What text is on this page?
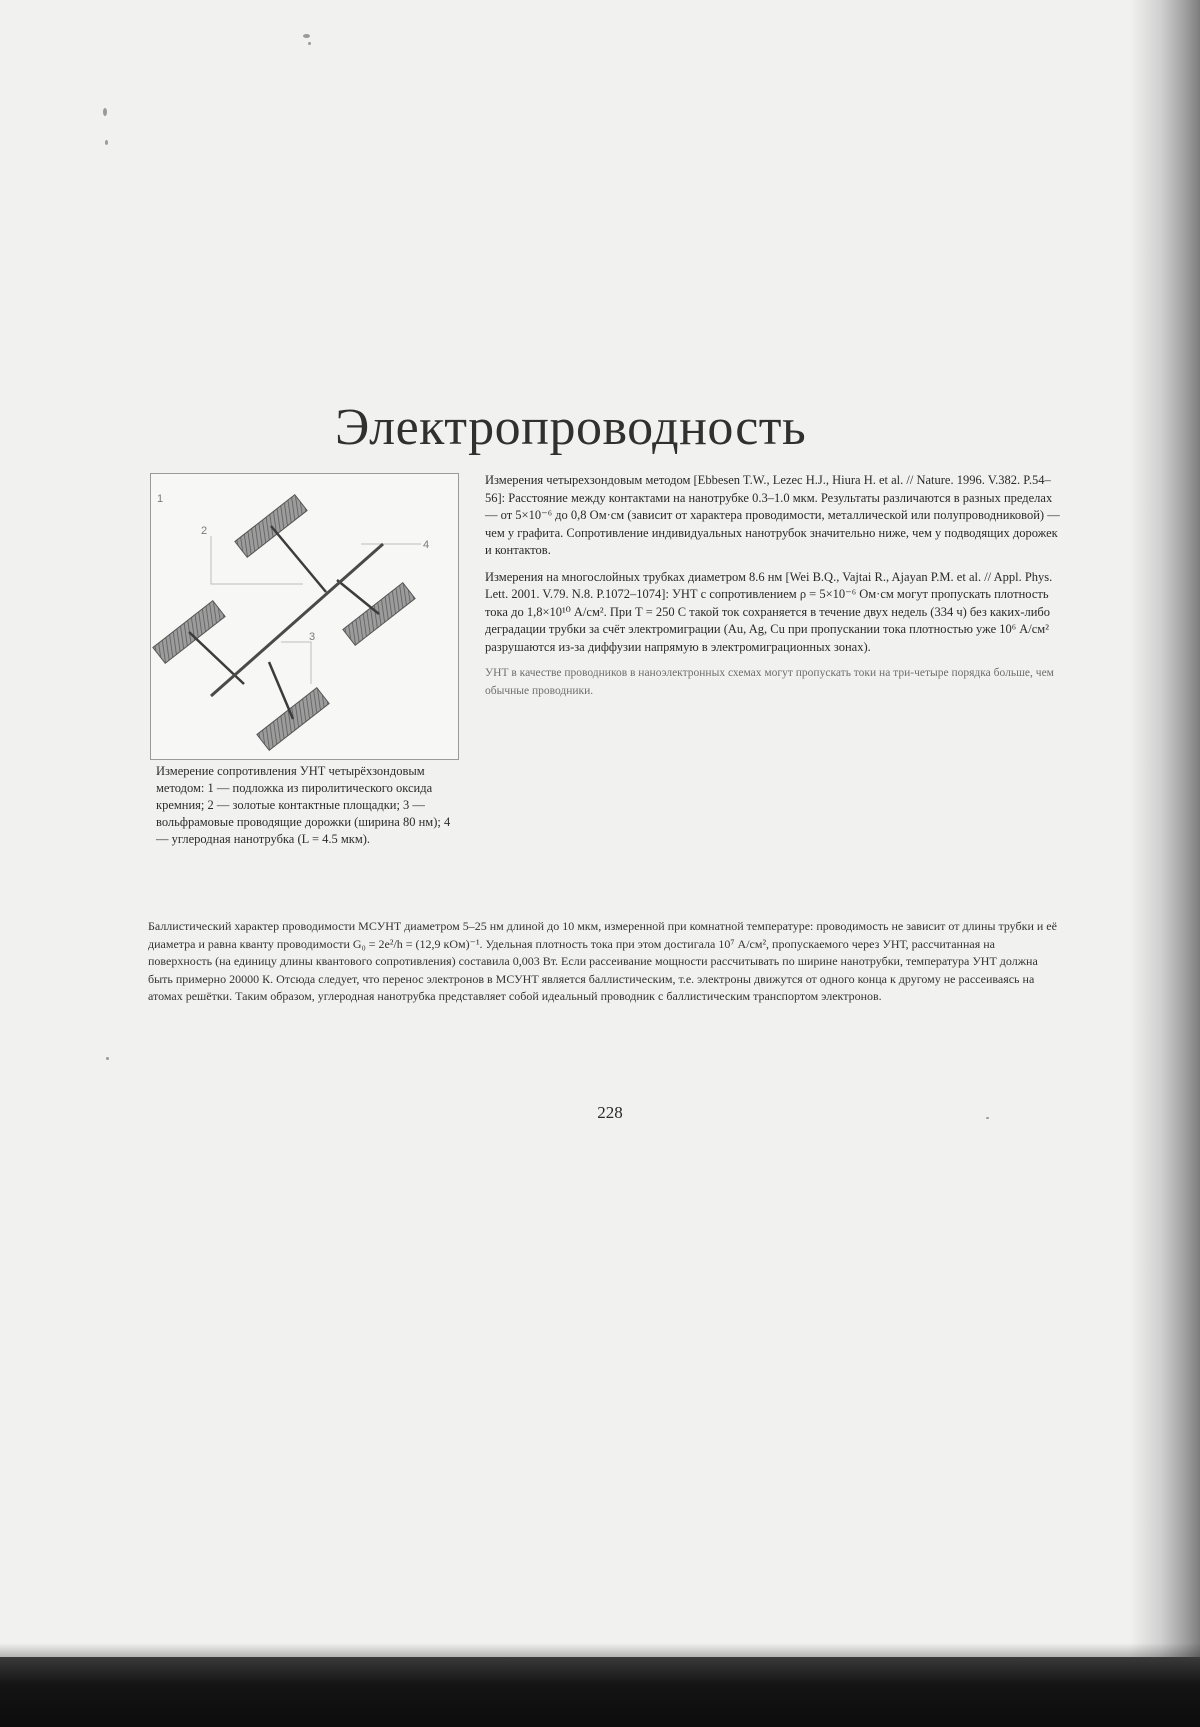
Электропроводность
1
2
3
4

Измерение сопротивления УНТ четырёхзондовым методом: 1 — подложка из пиролитического оксида кремния; 2 — золотые контактные площадки; 3 — вольфрамовые проводящие дорожки (ширина 80 нм); 4 — углеродная нанотрубка (L = 4.5 мкм).

Измерения четырехзондовым методом [Ebbesen T.W., Lezec H.J., Hiura H. et al. // Nature. 1996. V.382. P.54–56]: Расстояние между контактами на нанотрубке 0.3–1.0 мкм. Результаты различаются в разных пределах — от 5×10⁻⁶ до 0,8 Ом·см (зависит от характера проводимости, металлической или полупроводниковой) — чем у графита. Сопротивление индивидуальных нанотрубок значительно ниже, чем у подводящих дорожек и контактов.

Измерения на многослойных трубках диаметром 8.6 нм [Wei B.Q., Vajtai R., Ajayan P.M. et al. // Appl. Phys. Lett. 2001. V.79. N.8. P.1072–1074]: УНТ с сопротивлением ρ = 5×10⁻⁶ Ом·см могут пропускать плотность тока до 1,8×10¹⁰ А/см². При Т = 250 С такой ток сохраняется в течение двух недель (334 ч) без каких-либо деградации трубки за счёт электромиграции (Au, Ag, Cu при пропускании тока плотностью уже 10⁶ А/см² разрушаются из-за диффузии напрямую в электромиграционных зонах).

УНТ в качестве проводников в наноэлектронных схемах могут пропускать токи на три-четыре порядка больше, чем обычные проводники.

Баллистический характер проводимости МСУНТ диаметром 5–25 нм длиной до 10 мкм, измеренной при комнатной температуре: проводимость не зависит от длины трубки и её диаметра и равна кванту проводимости G₀ = 2e²/h = (12,9 кОм)⁻¹. Удельная плотность тока при этом достигала 10⁷ А/см², пропускаемого через УНТ, рассчитанная на поверхность (на единицу длины квантового сопротивления) составила 0,003 Вт. Если рассеивание мощности рассчитывать по ширине нанотрубки, температура УНТ должна быть примерно 20000 К. Отсюда следует, что перенос электронов в МСУНТ является баллистическим, т.е. электроны движутся от одного конца к другому не рассеиваясь на атомах решётки. Таким образом, углеродная нанотрубка представляет собой идеальный проводник с баллистическим транспортом электронов.

228
